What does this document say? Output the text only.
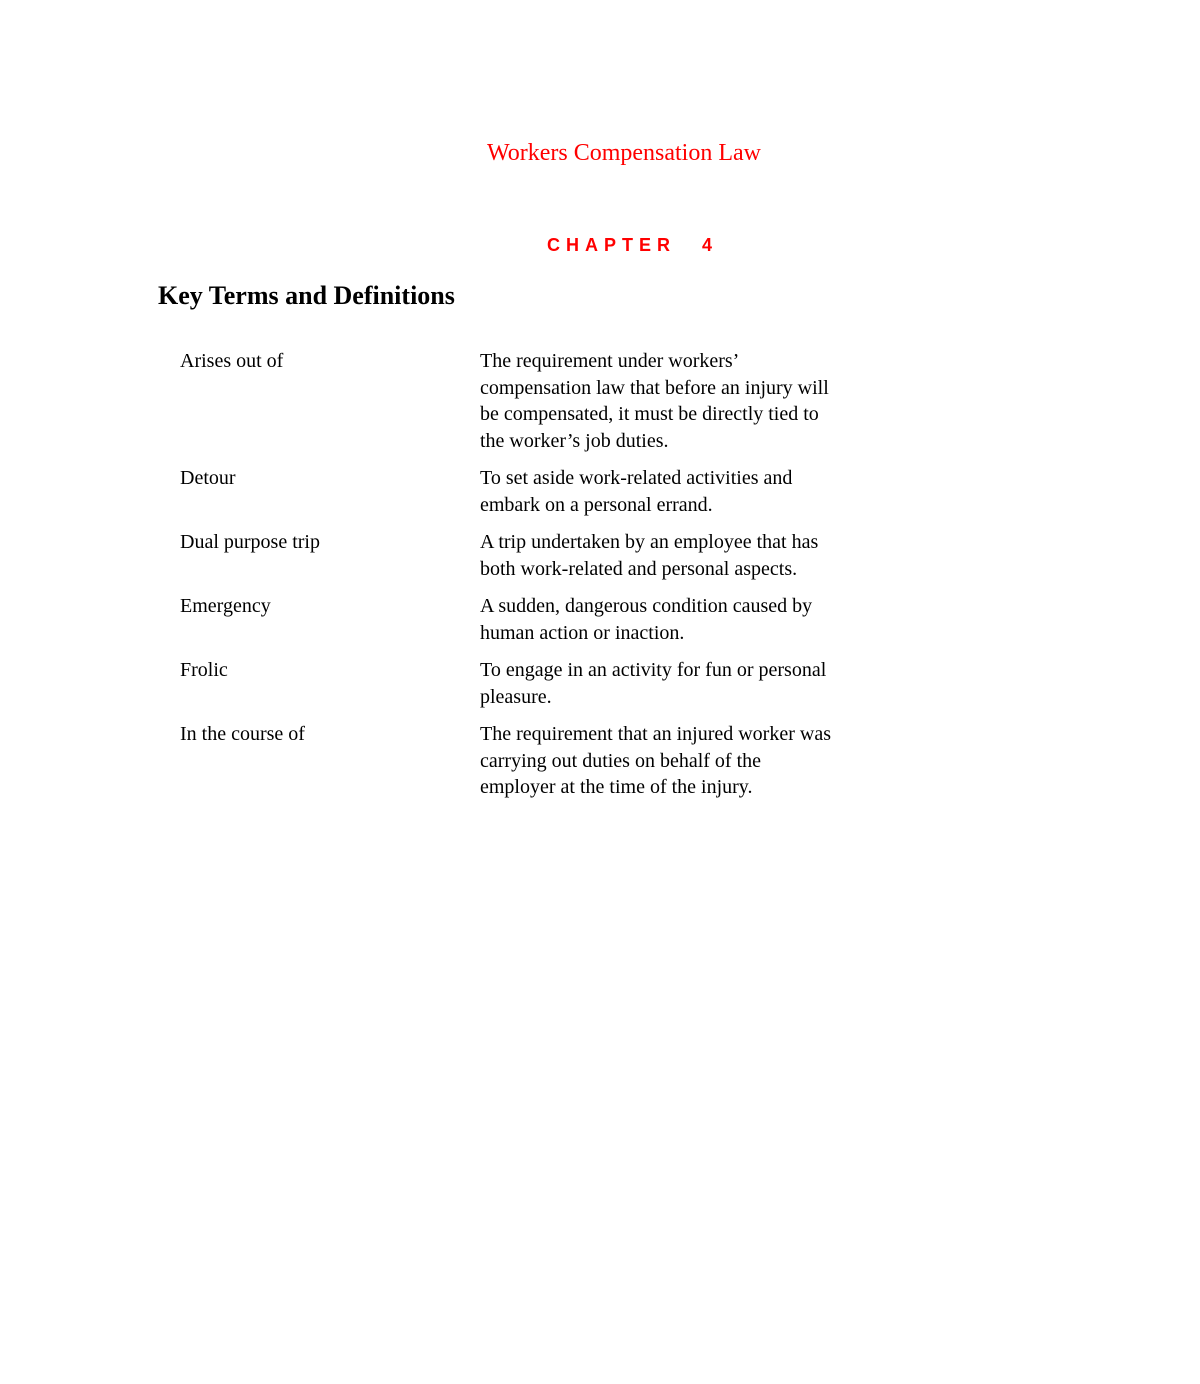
Workers Compensation Law
CHAPTER 4
Key Terms and Definitions
Arises out of	The requirement under workers’ compensation law that before an injury will be compensated, it must be directly tied to the worker’s job duties.
Detour	To set aside work-related activities and embark on a personal errand.
Dual purpose trip	A trip undertaken by an employee that has both work-related and personal aspects.
Emergency	A sudden, dangerous condition caused by human action or inaction.
Frolic	To engage in an activity for fun or personal pleasure.
In the course of	The requirement that an injured worker was carrying out duties on behalf of the employer at the time of the injury.
